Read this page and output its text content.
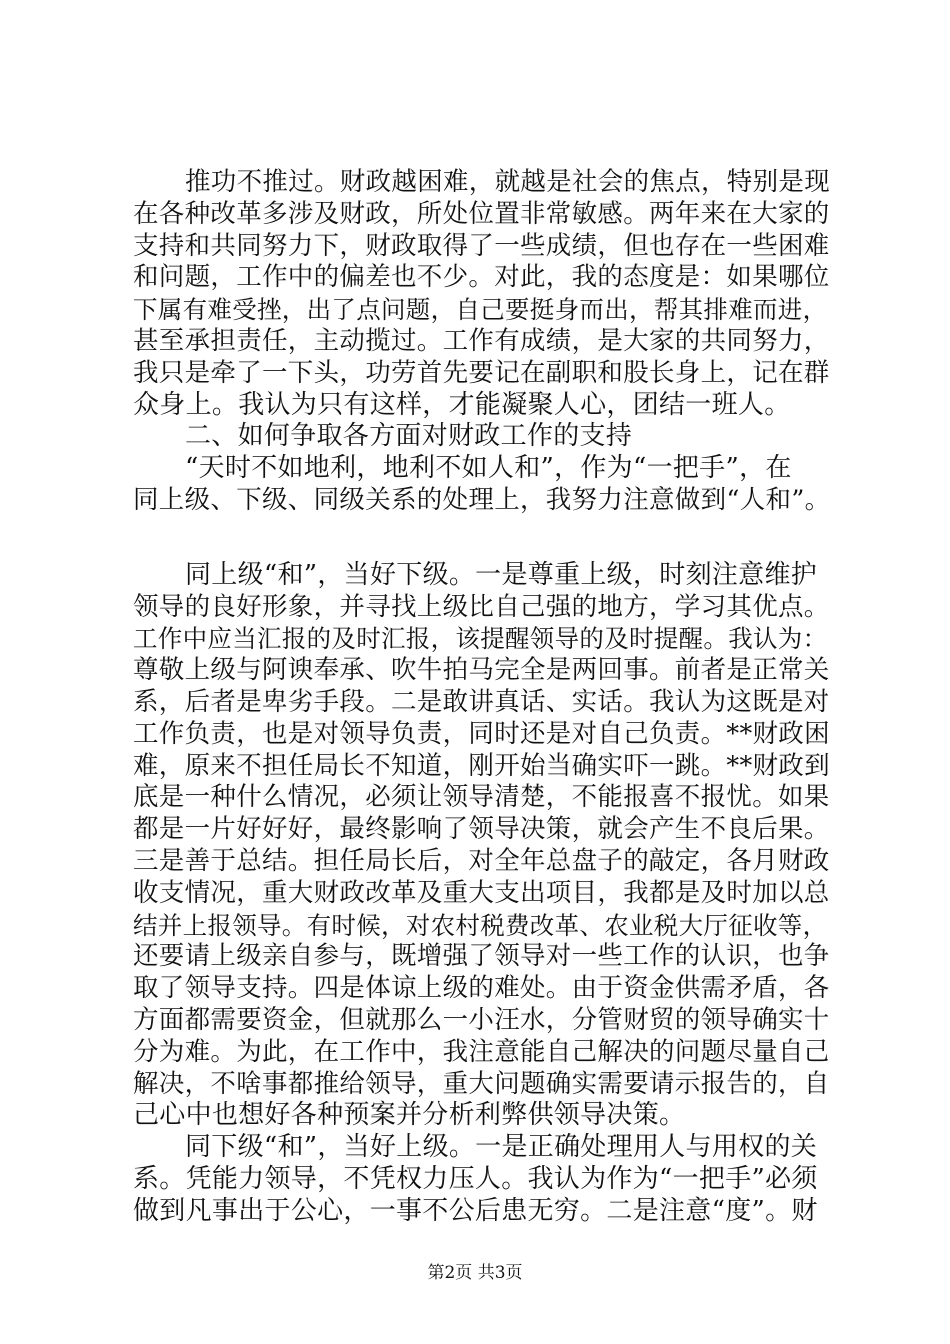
推功不推过。财政越困难，就越是社会的焦点，特别是现
在各种改革多涉及财政，所处位置非常敏感。两年来在大家的
支持和共同努力下，财政取得了一些成绩，但也存在一些困难
和问题，工作中的偏差也不少。对此，我的态度是：如果哪位
下属有难受挫，出了点问题，自己要挺身而出，帮其排难而进，
甚至承担责任，主动揽过。工作有成绩，是大家的共同努力，
我只是牵了一下头，功劳首先要记在副职和股长身上，记在群
众身上。我认为只有这样，才能凝聚人心，团结一班人。
二、如何争取各方面对财政工作的支持
“天时不如地利，地利不如人和”，作为“一把手”，在
同上级、下级、同级关系的处理上，我努力注意做到“人和”。
同上级“和”，当好下级。一是尊重上级，时刻注意维护
领导的良好形象，并寻找上级比自己强的地方，学习其优点。
工作中应当汇报的及时汇报，该提醒领导的及时提醒。我认为：
尊敬上级与阿谀奉承、吹牛拍马完全是两回事。前者是正常关
系，后者是卑劣手段。二是敢讲真话、实话。我认为这既是对
工作负责，也是对领导负责，同时还是对自己负责。**财政困
难，原来不担任局长不知道，刚开始当确实吓一跳。**财政到
底是一种什么情况，必须让领导清楚，不能报喜不报忧。如果
都是一片好好好，最终影响了领导决策，就会产生不良后果。
三是善于总结。担任局长后，对全年总盘子的敲定，各月财政
收支情况，重大财政改革及重大支出项目，我都是及时加以总
结并上报领导。有时候，对农村税费改革、农业税大厅征收等，
还要请上级亲自参与，既增强了领导对一些工作的认识，也争
取了领导支持。四是体谅上级的难处。由于资金供需矛盾，各
方面都需要资金，但就那么一小汪水，分管财贸的领导确实十
分为难。为此，在工作中，我注意能自己解决的问题尽量自己
解决，不啥事都推给领导，重大问题确实需要请示报告的，自
己心中也想好各种预案并分析利弊供领导决策。
同下级“和”，当好上级。一是正确处理用人与用权的关
系。凭能力领导，不凭权力压人。我认为作为“一把手”必须
做到凡事出于公心，一事不公后患无穷。二是注意“度”。财
第2页 共3页
